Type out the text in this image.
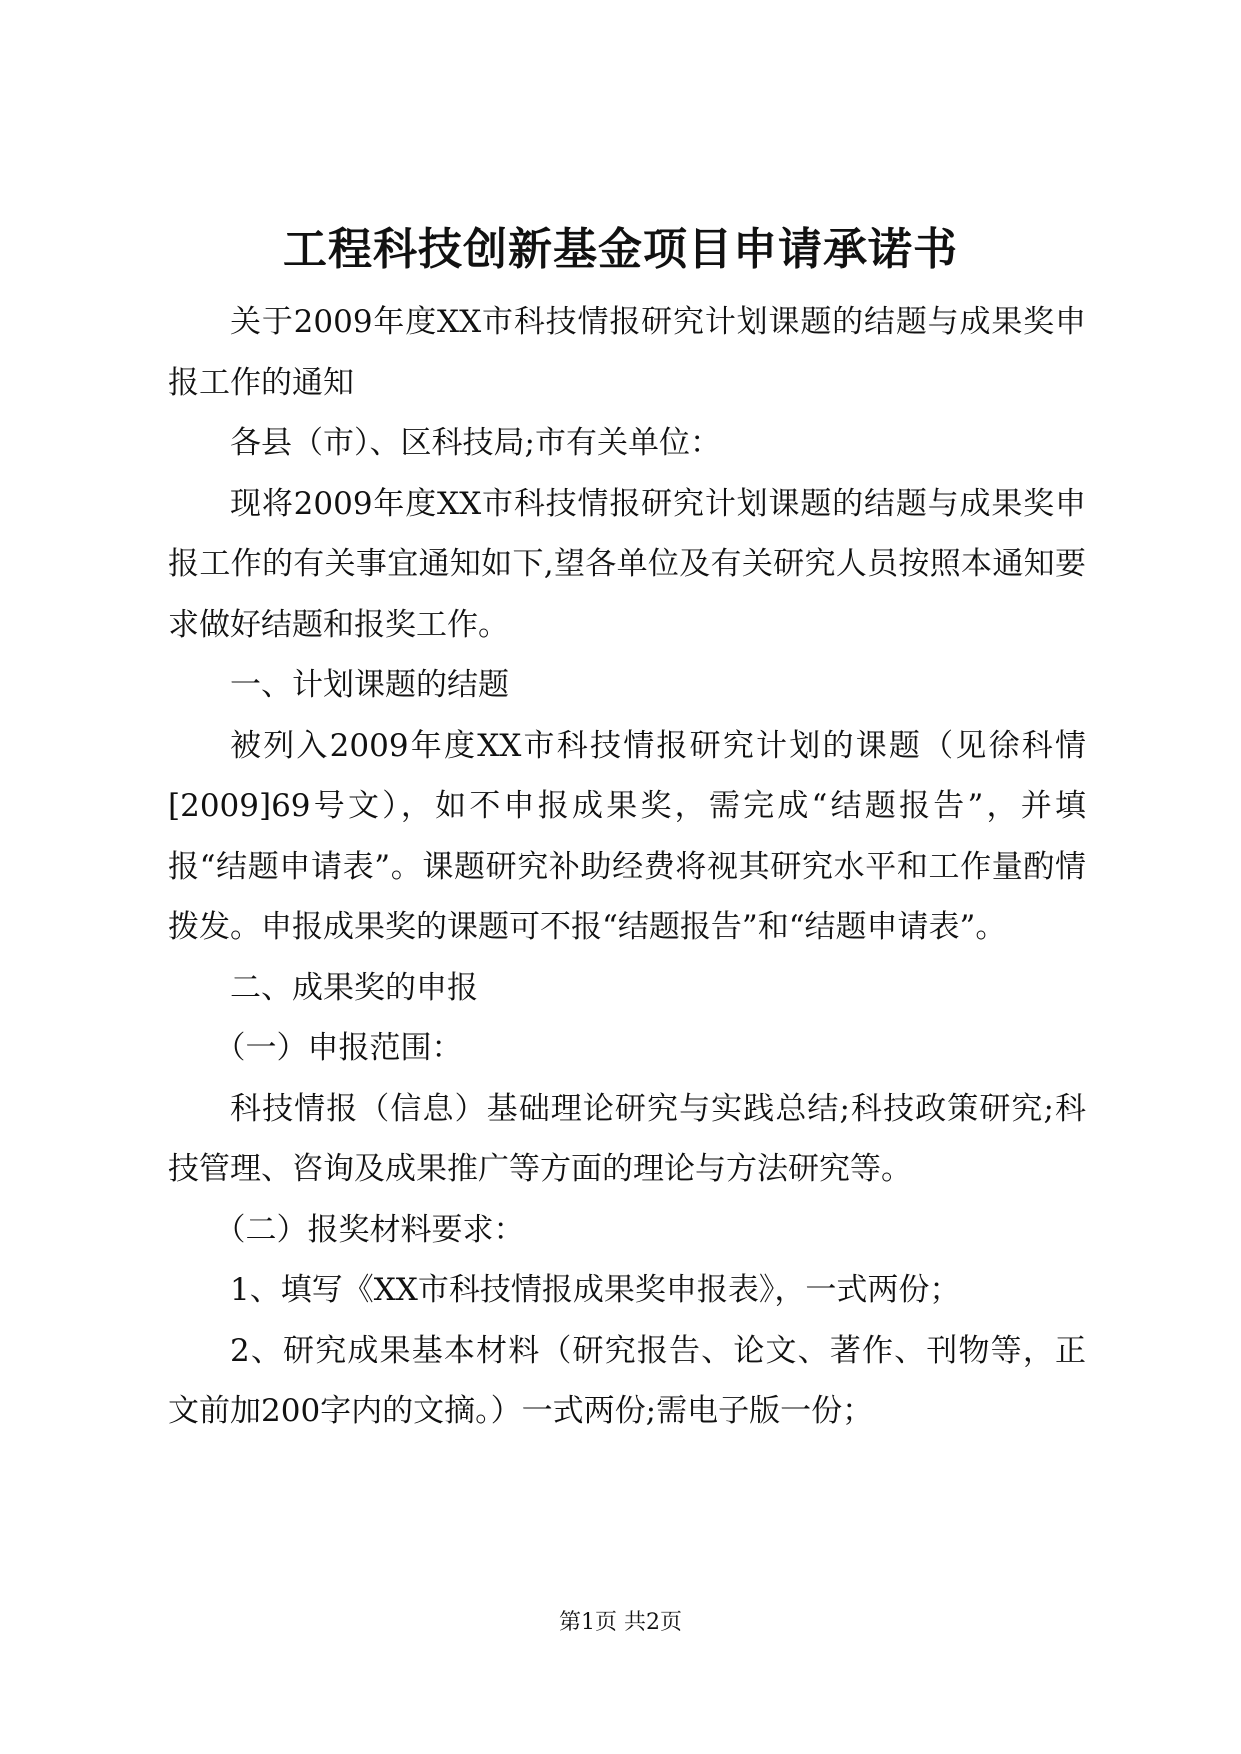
工程科技创新基金项目申请承诺书

关于2009年度XX市科技情报研究计划课题的结题与成果奖申报工作的通知

各县（市）、区科技局;市有关单位：

现将2009年度XX市科技情报研究计划课题的结题与成果奖申报工作的有关事宜通知如下,望各单位及有关研究人员按照本通知要求做好结题和报奖工作。

一、计划课题的结题

被列入2009年度XX市科技情报研究计划的课题（见徐科情[2009]69号文），如不申报成果奖，需完成“结题报告”，并填报“结题申请表”。课题研究补助经费将视其研究水平和工作量酌情拨发。申报成果奖的课题可不报“结题报告”和“结题申请表”。

二、成果奖的申报

（一）申报范围：

科技情报（信息）基础理论研究与实践总结;科技政策研究;科技管理、咨询及成果推广等方面的理论与方法研究等。

（二）报奖材料要求：

1、填写《XX市科技情报成果奖申报表》，一式两份；

2、研究成果基本材料（研究报告、论文、著作、刊物等，正文前加200字内的文摘。）一式两份;需电子版一份；

第1页 共2页
